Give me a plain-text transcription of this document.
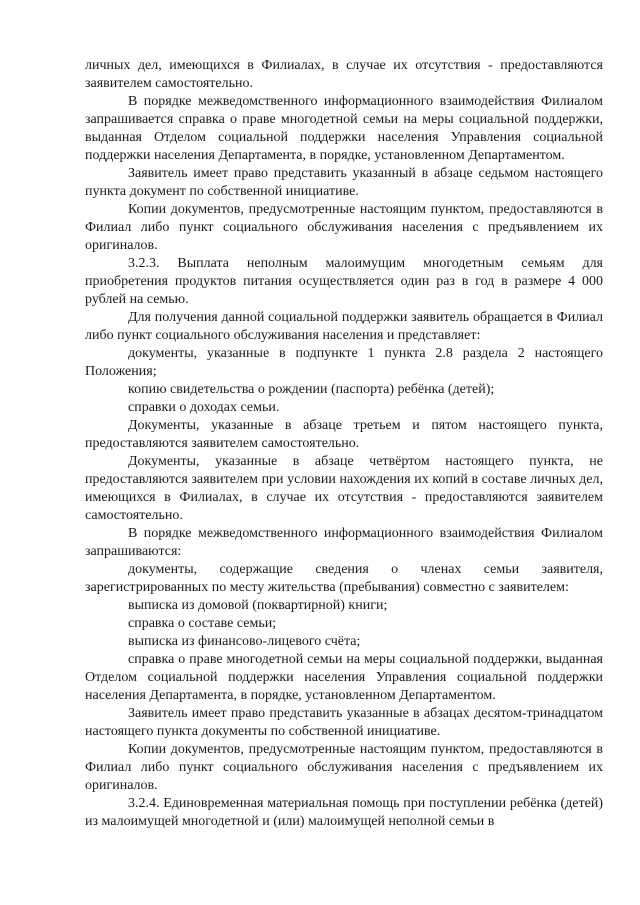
личных дел, имеющихся в Филиалах, в случае их отсутствия - предоставляются заявителем самостоятельно.

В порядке межведомственного информационного взаимодействия Филиалом запрашивается справка о праве многодетной семьи на меры социальной поддержки, выданная Отделом социальной поддержки населения Управления социальной поддержки населения Департамента, в порядке, установленном Департаментом.

Заявитель имеет право представить указанный в абзаце седьмом настоящего пункта документ по собственной инициативе.

Копии документов, предусмотренные настоящим пунктом, предоставляются в Филиал либо пункт социального обслуживания населения с предъявлением их оригиналов.

3.2.3. Выплата неполным малоимущим многодетным семьям для приобретения продуктов питания осуществляется один раз в год в размере 4 000 рублей на семью.

Для получения данной социальной поддержки заявитель обращается в Филиал либо пункт социального обслуживания населения и представляет:

документы, указанные в подпункте 1 пункта 2.8 раздела 2 настоящего Положения;

копию свидетельства о рождении (паспорта) ребёнка (детей);

справки о доходах семьи.

Документы, указанные в абзаце третьем и пятом настоящего пункта, предоставляются заявителем самостоятельно.

Документы, указанные в абзаце четвёртом настоящего пункта, не предоставляются заявителем при условии нахождения их копий в составе личных дел, имеющихся в Филиалах, в случае их отсутствия - предоставляются заявителем самостоятельно.

В порядке межведомственного информационного взаимодействия Филиалом запрашиваются:

документы, содержащие сведения о членах семьи заявителя, зарегистрированных по месту жительства (пребывания) совместно с заявителем:

выписка из домовой (поквартирной) книги;

справка о составе семьи;

выписка из финансово-лицевого счёта;

справка о праве многодетной семьи на меры социальной поддержки, выданная Отделом социальной поддержки населения Управления социальной поддержки населения Департамента, в порядке, установленном Департаментом.

Заявитель имеет право представить указанные в абзацах десятом-тринадцатом настоящего пункта документы по собственной инициативе.

Копии документов, предусмотренные настоящим пунктом, предоставляются в Филиал либо пункт социального обслуживания населения с предъявлением их оригиналов.

3.2.4. Единовременная материальная помощь при поступлении ребёнка (детей) из малоимущей многодетной и (или) малоимущей неполной семьи в
